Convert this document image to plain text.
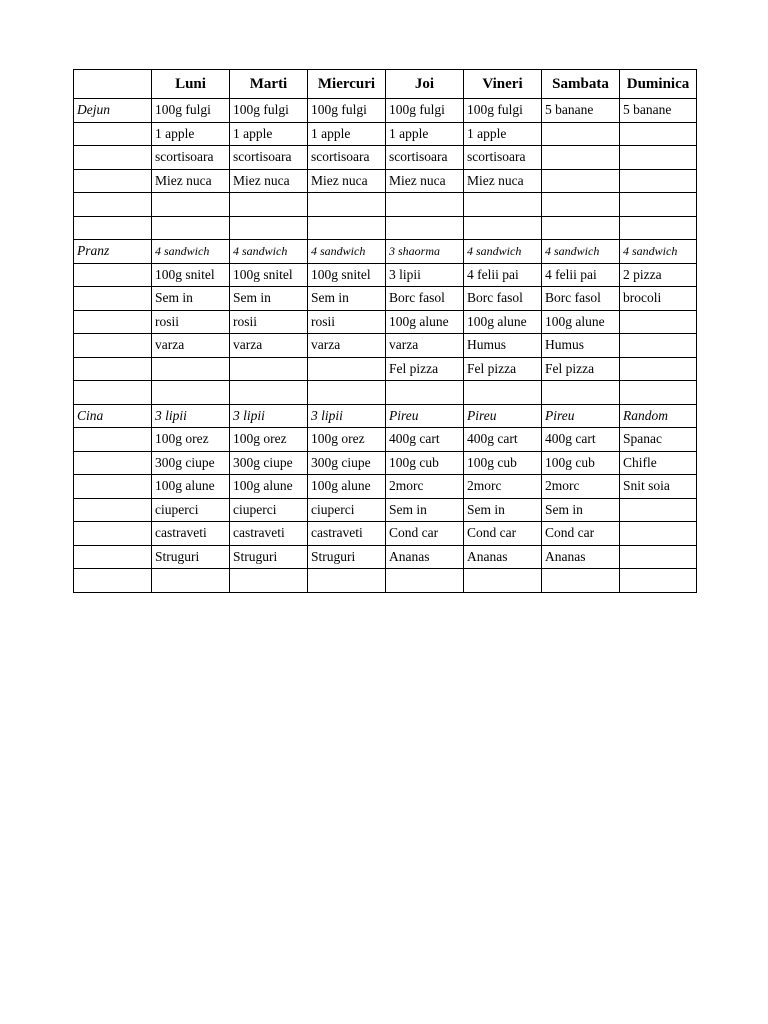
	Luni	Marti	Miercuri	Joi	Vineri	Sambata	Duminica
Dejun	100g fulgi	100g fulgi	100g fulgi	100g fulgi	100g fulgi	5 banane	5 banane
	1 apple	1 apple	1 apple	1 apple	1 apple		
	scortisoara	scortisoara	scortisoara	scortisoara	scortisoara		
	Miez nuca	Miez nuca	Miez nuca	Miez nuca	Miez nuca		

Pranz	4 sandwich	4 sandwich	4 sandwich	3 shaorma	4 sandwich	4 sandwich	4 sandwich
	100g snitel	100g snitel	100g snitel	3 lipii	4 felii pai	4 felii pai	2 pizza
	Sem in	Sem in	Sem in	Borc fasol	Borc fasol	Borc fasol	brocoli
	rosii	rosii	rosii	100g alune	100g alune	100g alune	
	varza	varza	varza	varza	Humus	Humus	
				Fel pizza	Fel pizza	Fel pizza	

Cina	3 lipii	3 lipii	3 lipii	Pireu	Pireu	Pireu	Random
	100g orez	100g orez	100g orez	400g cart	400g cart	400g cart	Spanac
	300g ciupe	300g ciupe	300g ciupe	100g cub	100g cub	100g cub	Chifle
	100g alune	100g alune	100g alune	2morc	2morc	2morc	Snit soia
	ciuperci	ciuperci	ciuperci	Sem in	Sem in	Sem in	
	castraveti	castraveti	castraveti	Cond car	Cond car	Cond car	
	Struguri	Struguri	Struguri	Ananas	Ananas	Ananas	
